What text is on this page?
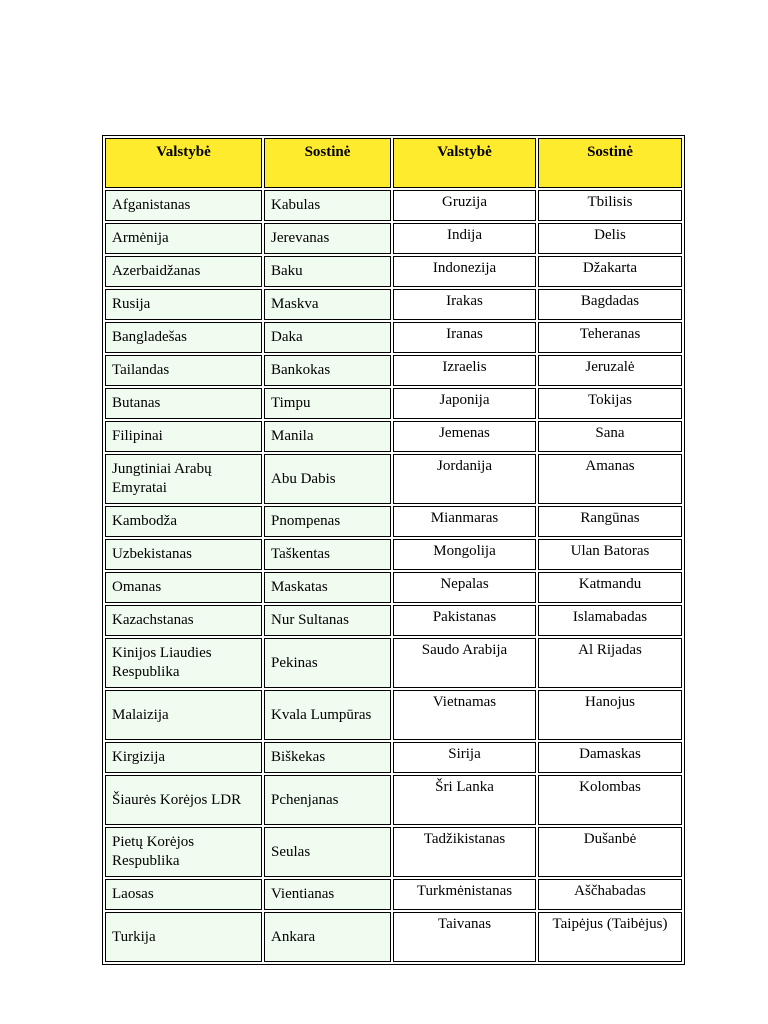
Valstybė	Sostinė	Valstybė	Sostinė
Afganistanas	Kabulas	Gruzija	Tbilisis
Armėnija	Jerevanas	Indija	Delis
Azerbaidžanas	Baku	Indonezija	Džakarta
Rusija	Maskva	Irakas	Bagdadas
Bangladešas	Daka	Iranas	Teheranas
Tailandas	Bankokas	Izraelis	Jeruzalė
Butanas	Timpu	Japonija	Tokijas
Filipinai	Manila	Jemenas	Sana
Jungtiniai Arabų Emyratai	Abu Dabis	Jordanija	Amanas
Kambodža	Pnompenas	Mianmaras	Rangūnas
Uzbekistanas	Taškentas	Mongolija	Ulan Batoras
Omanas	Maskatas	Nepalas	Katmandu
Kazachstanas	Nur Sultanas	Pakistanas	Islamabadas
Kinijos Liaudies Respublika	Pekinas	Saudo Arabija	Al Rijadas
Malaizija	Kvala Lumpūras	Vietnamas	Hanojus
Kirgizija	Biškekas	Sirija	Damaskas
Šiaurės Korėjos LDR	Pchenjanas	Šri Lanka	Kolombas
Pietų Korėjos Respublika	Seulas	Tadžikistanas	Dušanbė
Laosas	Vientianas	Turkmėnistanas	Aščhabadas
Turkija	Ankara	Taivanas	Taipėjus (Taibėjus)
